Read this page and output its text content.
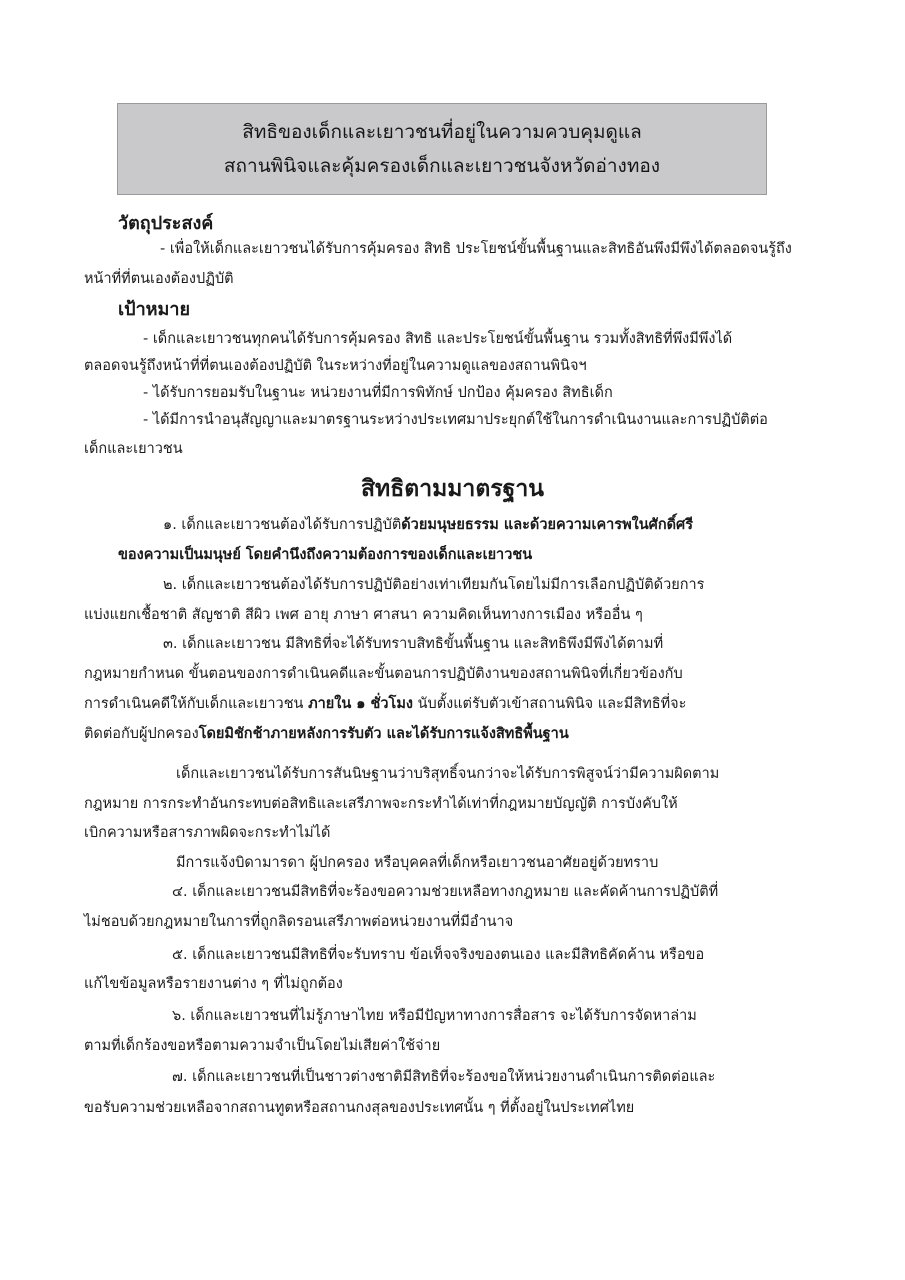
สิทธิของเด็กและเยาวชนที่อยู่ในความควบคุมดูแล
สถานพินิจและคุ้มครองเด็กและเยาวชนจังหวัดอ่างทอง
วัตถุประสงค์
- เพื่อให้เด็กและเยาวชนได้รับการคุ้มครอง สิทธิ ประโยชน์ขั้นพื้นฐานและสิทธิอันพึงมีพึงได้ตลอดจนรู้ถึง
หน้าที่ที่ตนเองต้องปฏิบัติ
เป้าหมาย
- เด็กและเยาวชนทุกคนได้รับการคุ้มครอง สิทธิ และประโยชน์ขั้นพื้นฐาน รวมทั้งสิทธิที่พึงมีพึงได้
ตลอดจนรู้ถึงหน้าที่ที่ตนเองต้องปฏิบัติ ในระหว่างที่อยู่ในความดูแลของสถานพินิจฯ
- ได้รับการยอมรับในฐานะ หน่วยงานที่มีการพิทักษ์ ปกป้อง คุ้มครอง สิทธิเด็ก
- ได้มีการนำอนุสัญญาและมาตรฐานระหว่างประเทศมาประยุกต์ใช้ในการดำเนินงานและการปฏิบัติต่อ
เด็กและเยาวชน
สิทธิตามมาตรฐาน
๑. เด็กและเยาวชนต้องได้รับการปฏิบัติด้วยมนุษยธรรม และด้วยความเคารพในศักดิ์ศรี
ของความเป็นมนุษย์ โดยคำนึงถึงความต้องการของเด็กและเยาวชน
๒. เด็กและเยาวชนต้องได้รับการปฏิบัติอย่างเท่าเทียมกันโดยไม่มีการเลือกปฏิบัติด้วยการ
แบ่งแยกเชื้อชาติ สัญชาติ สีผิว เพศ อายุ ภาษา ศาสนา ความคิดเห็นทางการเมือง หรืออื่น ๆ
๓. เด็กและเยาวชน มีสิทธิที่จะได้รับทราบสิทธิขั้นพื้นฐาน และสิทธิพึงมีพึงได้ตามที่
กฎหมายกำหนด ขั้นตอนของการดำเนินคดีและขั้นตอนการปฏิบัติงานของสถานพินิจที่เกี่ยวข้องกับ
การดำเนินคดีให้กับเด็กและเยาวชน ภายใน ๑ ชั่วโมง นับตั้งแต่รับตัวเข้าสถานพินิจ และมีสิทธิที่จะ
ติดต่อกับผู้ปกครองโดยมิชักช้าภายหลังการรับตัว และได้รับการแจ้งสิทธิพื้นฐาน
เด็กและเยาวชนได้รับการสันนิษฐานว่าบริสุทธิ์จนกว่าจะได้รับการพิสูจน์ว่ามีความผิดตาม
กฎหมาย การกระทำอันกระทบต่อสิทธิและเสรีภาพจะกระทำได้เท่าที่กฎหมายบัญญัติ การบังคับให้
เบิกความหรือสารภาพผิดจะกระทำไม่ได้
มีการแจ้งบิดามารดา ผู้ปกครอง หรือบุคคลที่เด็กหรือเยาวชนอาศัยอยู่ด้วยทราบ
๔. เด็กและเยาวชนมีสิทธิที่จะร้องขอความช่วยเหลือทางกฎหมาย และคัดค้านการปฏิบัติที่
ไม่ชอบด้วยกฎหมายในการที่ถูกลิดรอนเสรีภาพต่อหน่วยงานที่มีอำนาจ
๕. เด็กและเยาวชนมีสิทธิที่จะรับทราบ ข้อเท็จจริงของตนเอง และมีสิทธิคัดค้าน หรือขอ
แก้ไขข้อมูลหรือรายงานต่าง ๆ ที่ไม่ถูกต้อง
๖. เด็กและเยาวชนที่ไม่รู้ภาษาไทย หรือมีปัญหาทางการสื่อสาร จะได้รับการจัดหาล่าม
ตามที่เด็กร้องขอหรือตามความจำเป็นโดยไม่เสียค่าใช้จ่าย
๗. เด็กและเยาวชนที่เป็นชาวต่างชาติมีสิทธิที่จะร้องขอให้หน่วยงานดำเนินการติดต่อและ
ขอรับความช่วยเหลือจากสถานทูตหรือสถานกงสุลของประเทศนั้น ๆ ที่ตั้งอยู่ในประเทศไทย
